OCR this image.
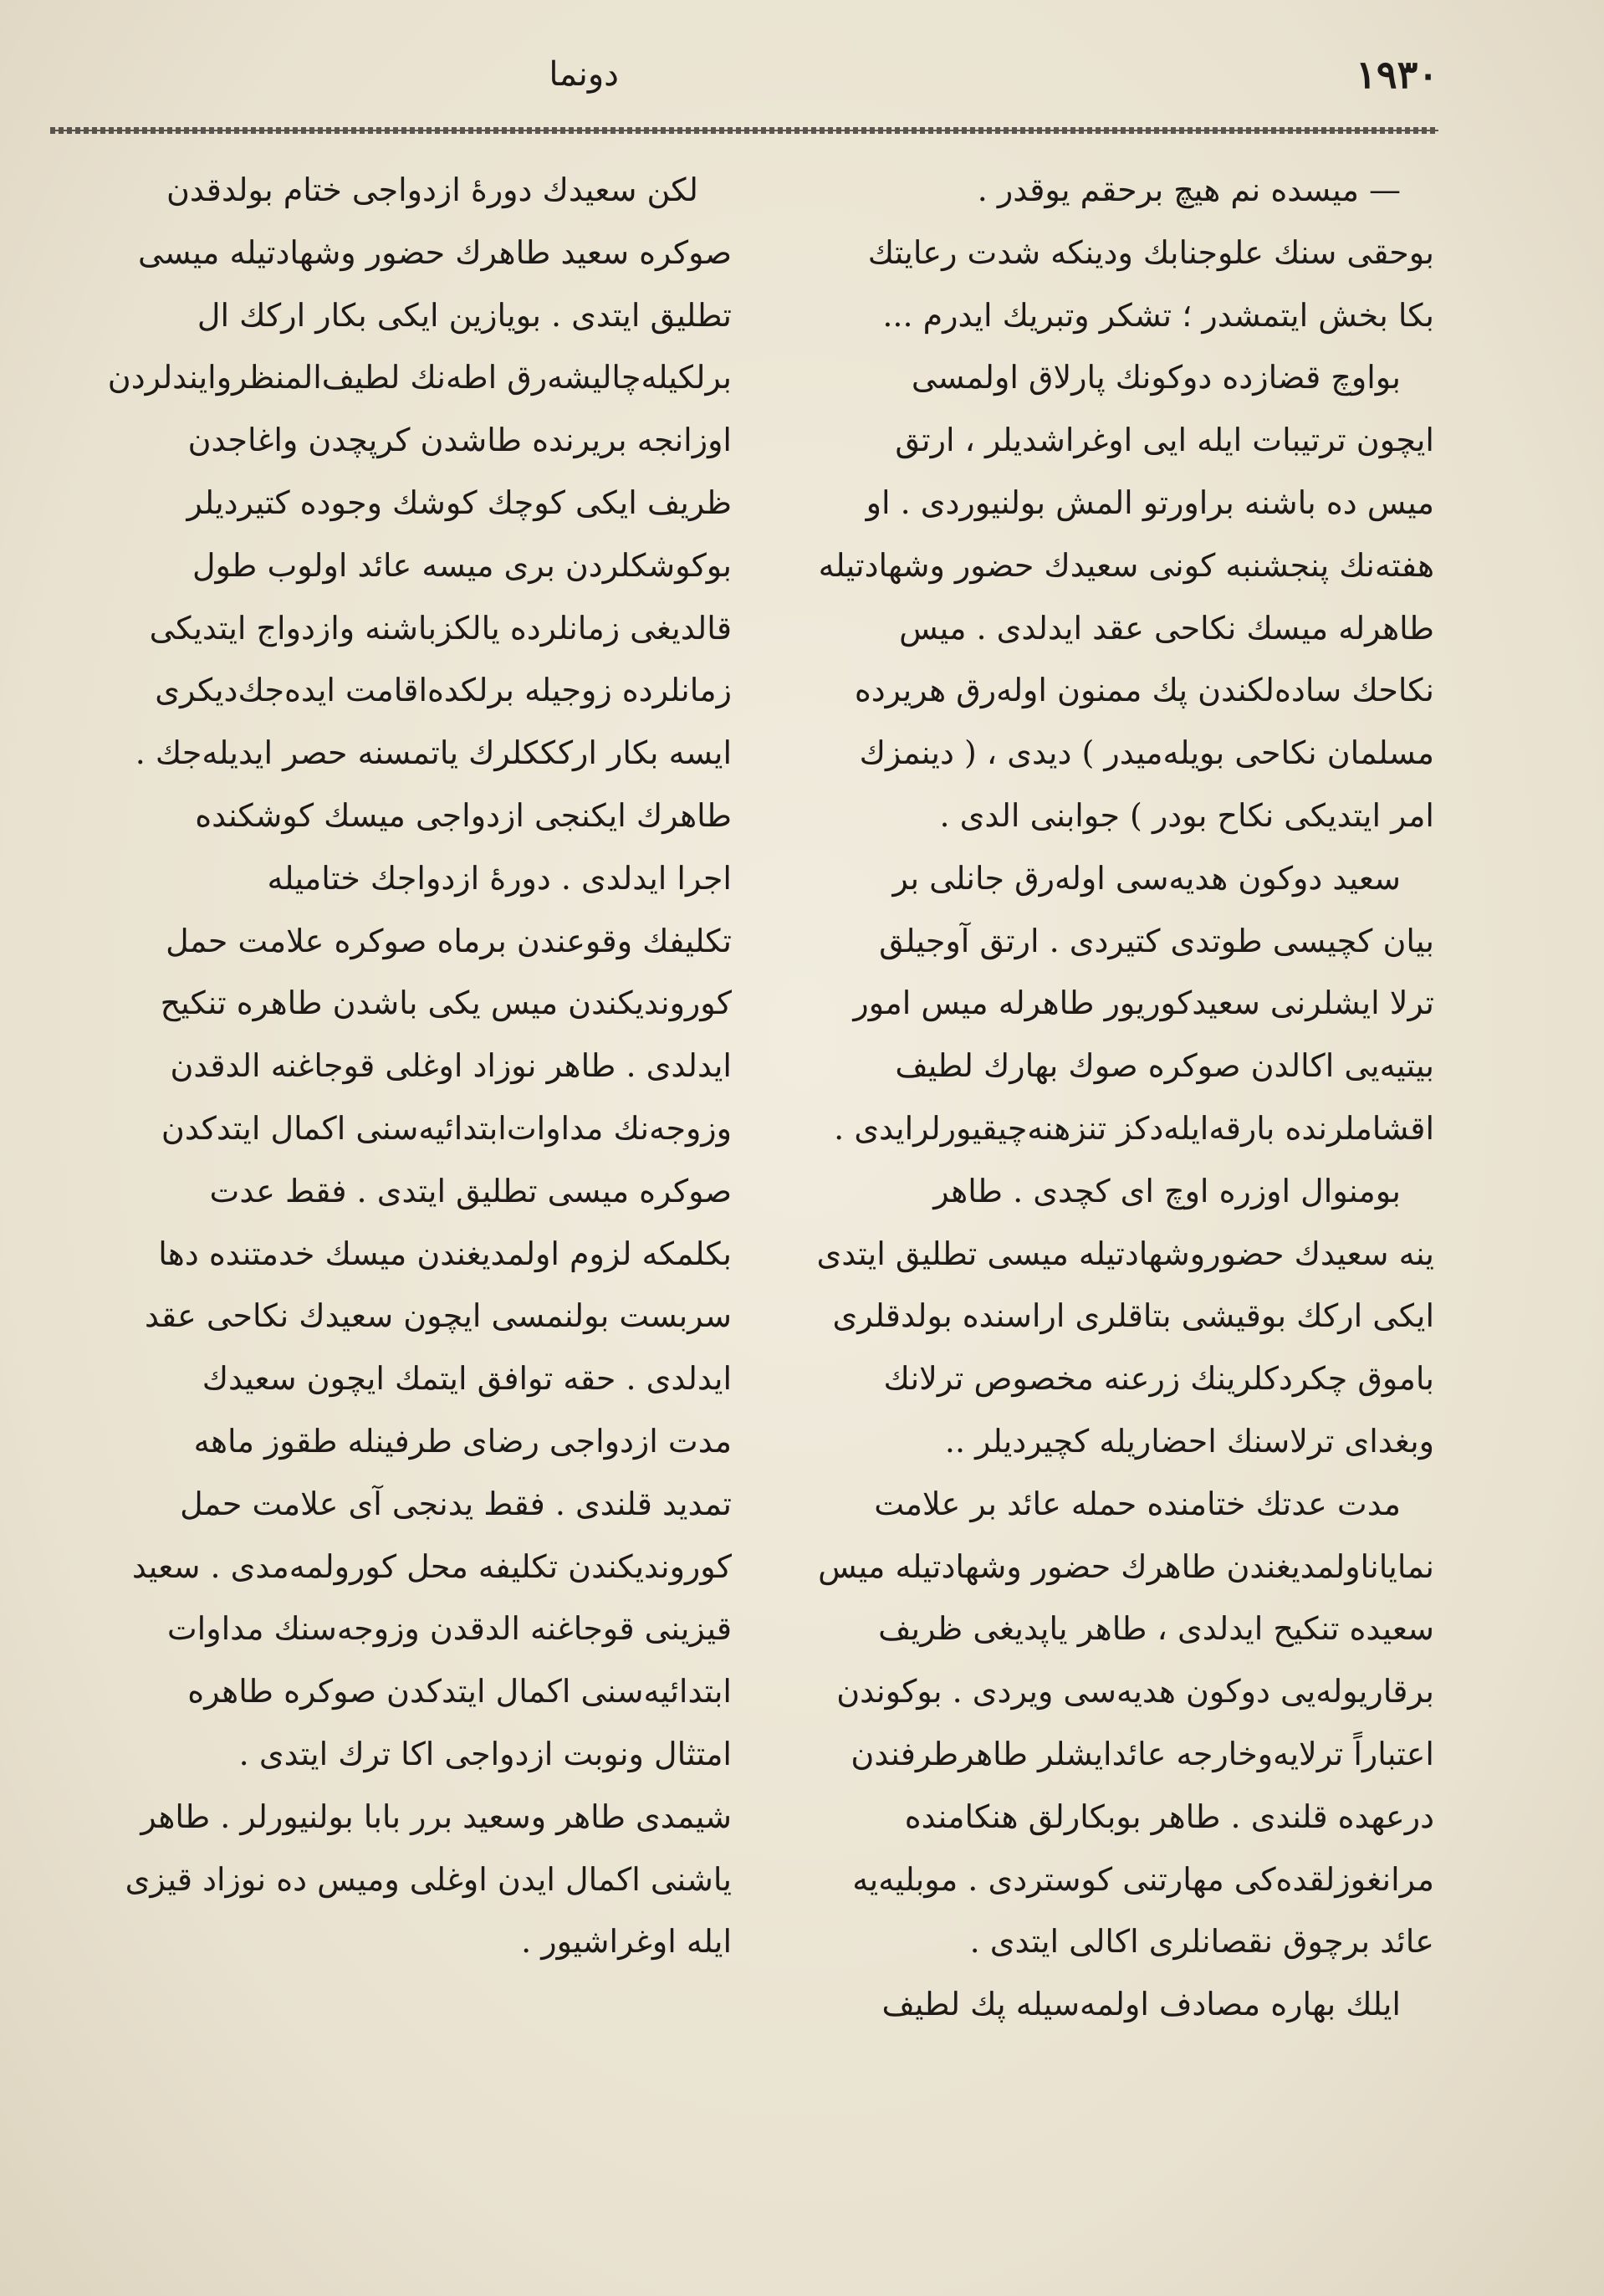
١٩٣٠
دونما
— میسده نم هیچ برحقم یوقدر .
بوحقی سنك علوجنابك ودینكه شدت رعایتك
بكا بخش ایتمشدر ؛ تشكر وتبریك ایدرم ...
بواوچ قضازده دوكونك پارلاق اولمسی
ایچون ترتیبات ایله ایی اوغراشدیلر ، ارتق
میس ده باشنه براورتو المش بولنیوردی . او
هفته‌نك پنجشنبه كونی سعیدك حضور وشهادتیله
طاهرله میسك نكاحی عقد ایدلدی . میس
نكاحك ساده‌لكندن پك ممنون اوله‌رق هریرده
مسلمان نكاحی بویله‌میدر ) دیدی ، ( دینمزك
امر ایتدیكی نكاح بودر ) جوابنی الدی .
سعید دوكون هدیه‌سی اوله‌رق جانلی بر
بیان كچیسی طوتدی كتیردی . ارتق آوجیلق
ترلا ایشلرنی سعیدكوریور طاهرله میس امور
بیتیه‌یی اكالدن صوكره صوك بهارك لطیف
اقشاملرنده بارقه‌ایله‌دكز تنزهنه‌چیقیورلرایدی .
بومنوال اوزره اوچ ای كچدی . طاهر
ینه سعیدك حضوروشهادتیله میسی تطلیق ایتدی
ایكی اركك بوقیشی بتاقلری اراسنده بولدقلری
باموق چكردكلرینك زرعنه مخصوص ترلانك
وبغدای ترلاسنك احضاریله كچیردیلر ..
مدت عدتك ختامنده حمله عائد بر علامت
نمایاناولمدیغندن طاهرك حضور وشهادتیله میس
سعیده تنكیح ایدلدی ، طاهر یاپدیغی ظریف
برقاریوله‌یی دوكون هدیه‌سی ویردی . بوكوندن
اعتباراً ترلایه‌وخارجه عائدایشلر طاهرطرفندن
درعهده قلندی . طاهر بوبكارلق هنكامنده
مرانغوزلقده‌كی مهارتنی كوستردی . موبلیه‌یه
عائد برچوق نقصانلری اكالی ایتدی .
ایلك بهاره مصادف اولمه‌سیله پك لطیف
لكن سعیدك دورهٔ ازدواجی ختام بولدقدن
صوكره سعید طاهرك حضور وشهادتیله میسی
تطلیق ایتدی . بویازین ایكی بكار اركك ال
برلكیله‌چالیشه‌رق اطه‌نك لطیف‌المنظروایندلردن
اوزانجه بریرنده طاشدن كرپچدن واغاجدن
ظریف ایكی كوچك كوشك وجوده كتیردیلر
بوكوشكلردن بری میسه عائد اولوب طول
قالدیغی زمانلرده یالكزباشنه وازدواج ایتدیكی
زمانلرده زوجیله برلكده‌اقامت ایده‌جك‌دیكری
ایسه بكار اركككلرك یاتمسنه حصر ایدیله‌جك .
طاهرك ایكنجی ازدواجی میسك كوشكنده
اجرا ایدلدی . دورهٔ ازدواجك ختامیله
تكلیفك وقوعندن برماه صوكره علامت حمل
كوروندیكندن میس یكی باشدن طاهره تنكیح
ایدلدی . طاهر نوزاد اوغلی قوجاغنه الدقدن
وزوجه‌نك مداوات‌ابتدائیه‌سنی اكمال ایتدكدن
صوكره میسی تطلیق ایتدی . فقط عدت
بكلمكه لزوم اولمدیغندن میسك خدمتنده دها
سربست بولنمسی ایچون سعیدك نكاحی عقد
ایدلدی . حقه توافق ایتمك ایچون سعیدك
مدت ازدواجی رضای طرفینله طقوز ماهه
تمدید قلندی . فقط یدنجی آی علامت حمل
كوروندیكندن تكلیفه محل كورولمه‌مدی . سعید
قیزینی قوجاغنه الدقدن وزوجه‌سنك مداوات
ابتدائیه‌سنی اكمال ایتدكدن صوكره طاهره
امتثال ونوبت ازدواجی اكا ترك ایتدی .
شیمدی طاهر وسعید برر بابا بولنیورلر . طاهر
یاشنی اكمال ایدن اوغلی ومیس ده نوزاد قیزی
ایله اوغراشیور .
